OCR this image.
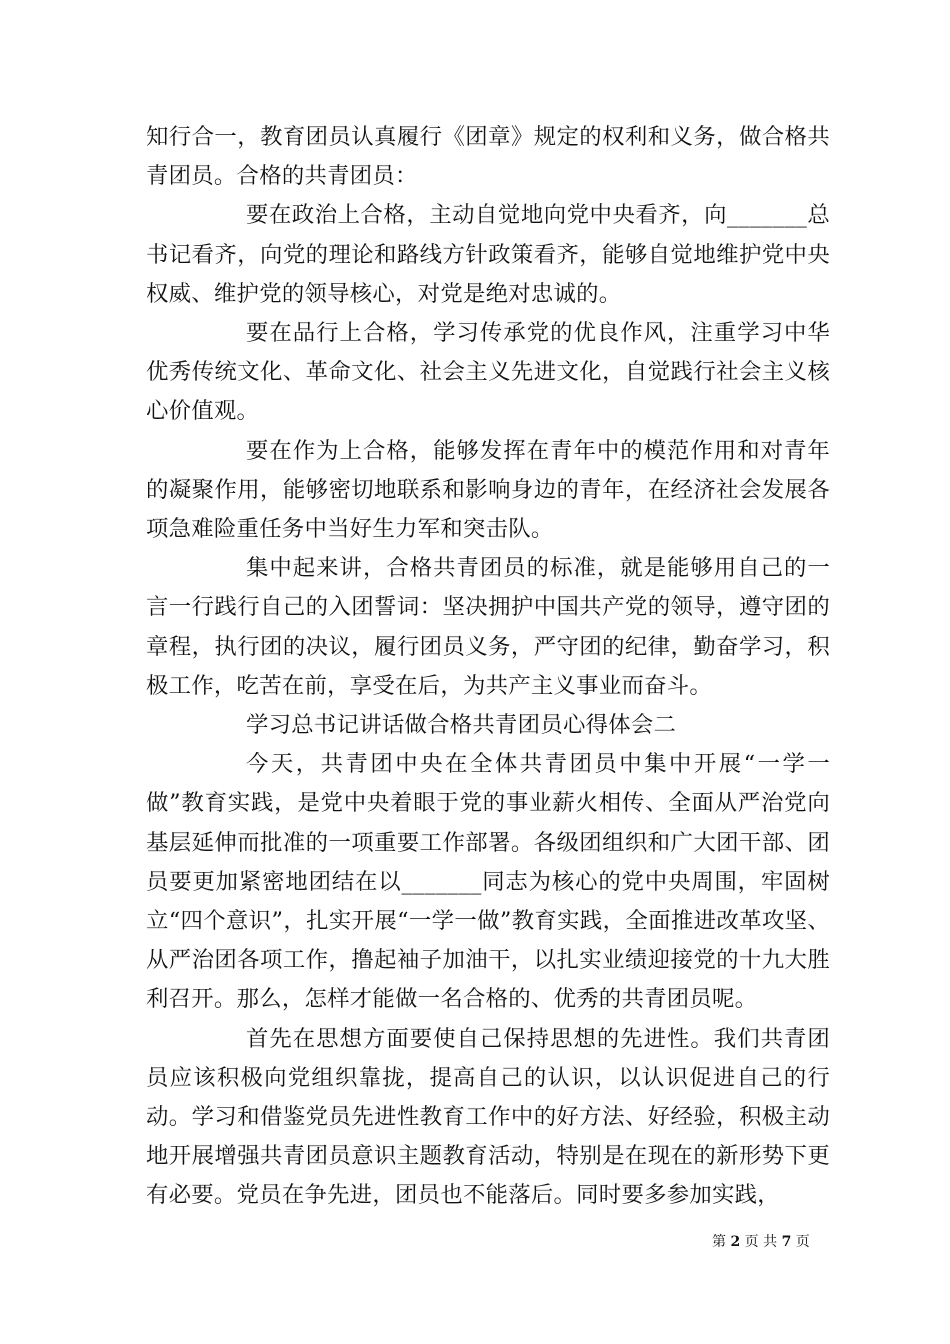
知行合一，教育团员认真履行《团章》规定的权利和义务，做合格共青团员。合格的共青团员：

要在政治上合格，主动自觉地向党中央看齐，向_______总书记看齐，向党的理论和路线方针政策看齐，能够自觉地维护党中央权威、维护党的领导核心，对党是绝对忠诚的。

要在品行上合格，学习传承党的优良作风，注重学习中华优秀传统文化、革命文化、社会主义先进文化，自觉践行社会主义核心价值观。

要在作为上合格，能够发挥在青年中的模范作用和对青年的凝聚作用，能够密切地联系和影响身边的青年，在经济社会发展各项急难险重任务中当好生力军和突击队。

集中起来讲，合格共青团员的标准，就是能够用自己的一言一行践行自己的入团誓词：坚决拥护中国共产党的领导，遵守团的章程，执行团的决议，履行团员义务，严守团的纪律，勤奋学习，积极工作，吃苦在前，享受在后，为共产主义事业而奋斗。

学习总书记讲话做合格共青团员心得体会二

今天，共青团中央在全体共青团员中集中开展“一学一做”教育实践，是党中央着眼于党的事业薪火相传、全面从严治党向基层延伸而批准的一项重要工作部署。各级团组织和广大团干部、团员要更加紧密地团结在以_______同志为核心的党中央周围，牢固树立“四个意识”，扎实开展“一学一做”教育实践，全面推进改革攻坚、从严治团各项工作，撸起袖子加油干，以扎实业绩迎接党的十九大胜利召开。那么，怎样才能做一名合格的、优秀的共青团员呢。

首先在思想方面要使自己保持思想的先进性。我们共青团员应该积极向党组织靠拢，提高自己的认识，以认识促进自己的行动。学习和借鉴党员先进性教育工作中的好方法、好经验，积极主动地开展增强共青团员意识主题教育活动，特别是在现在的新形势下更有必要。党员在争先进，团员也不能落后。同时要多参加实践，

第 2 页 共 7 页
